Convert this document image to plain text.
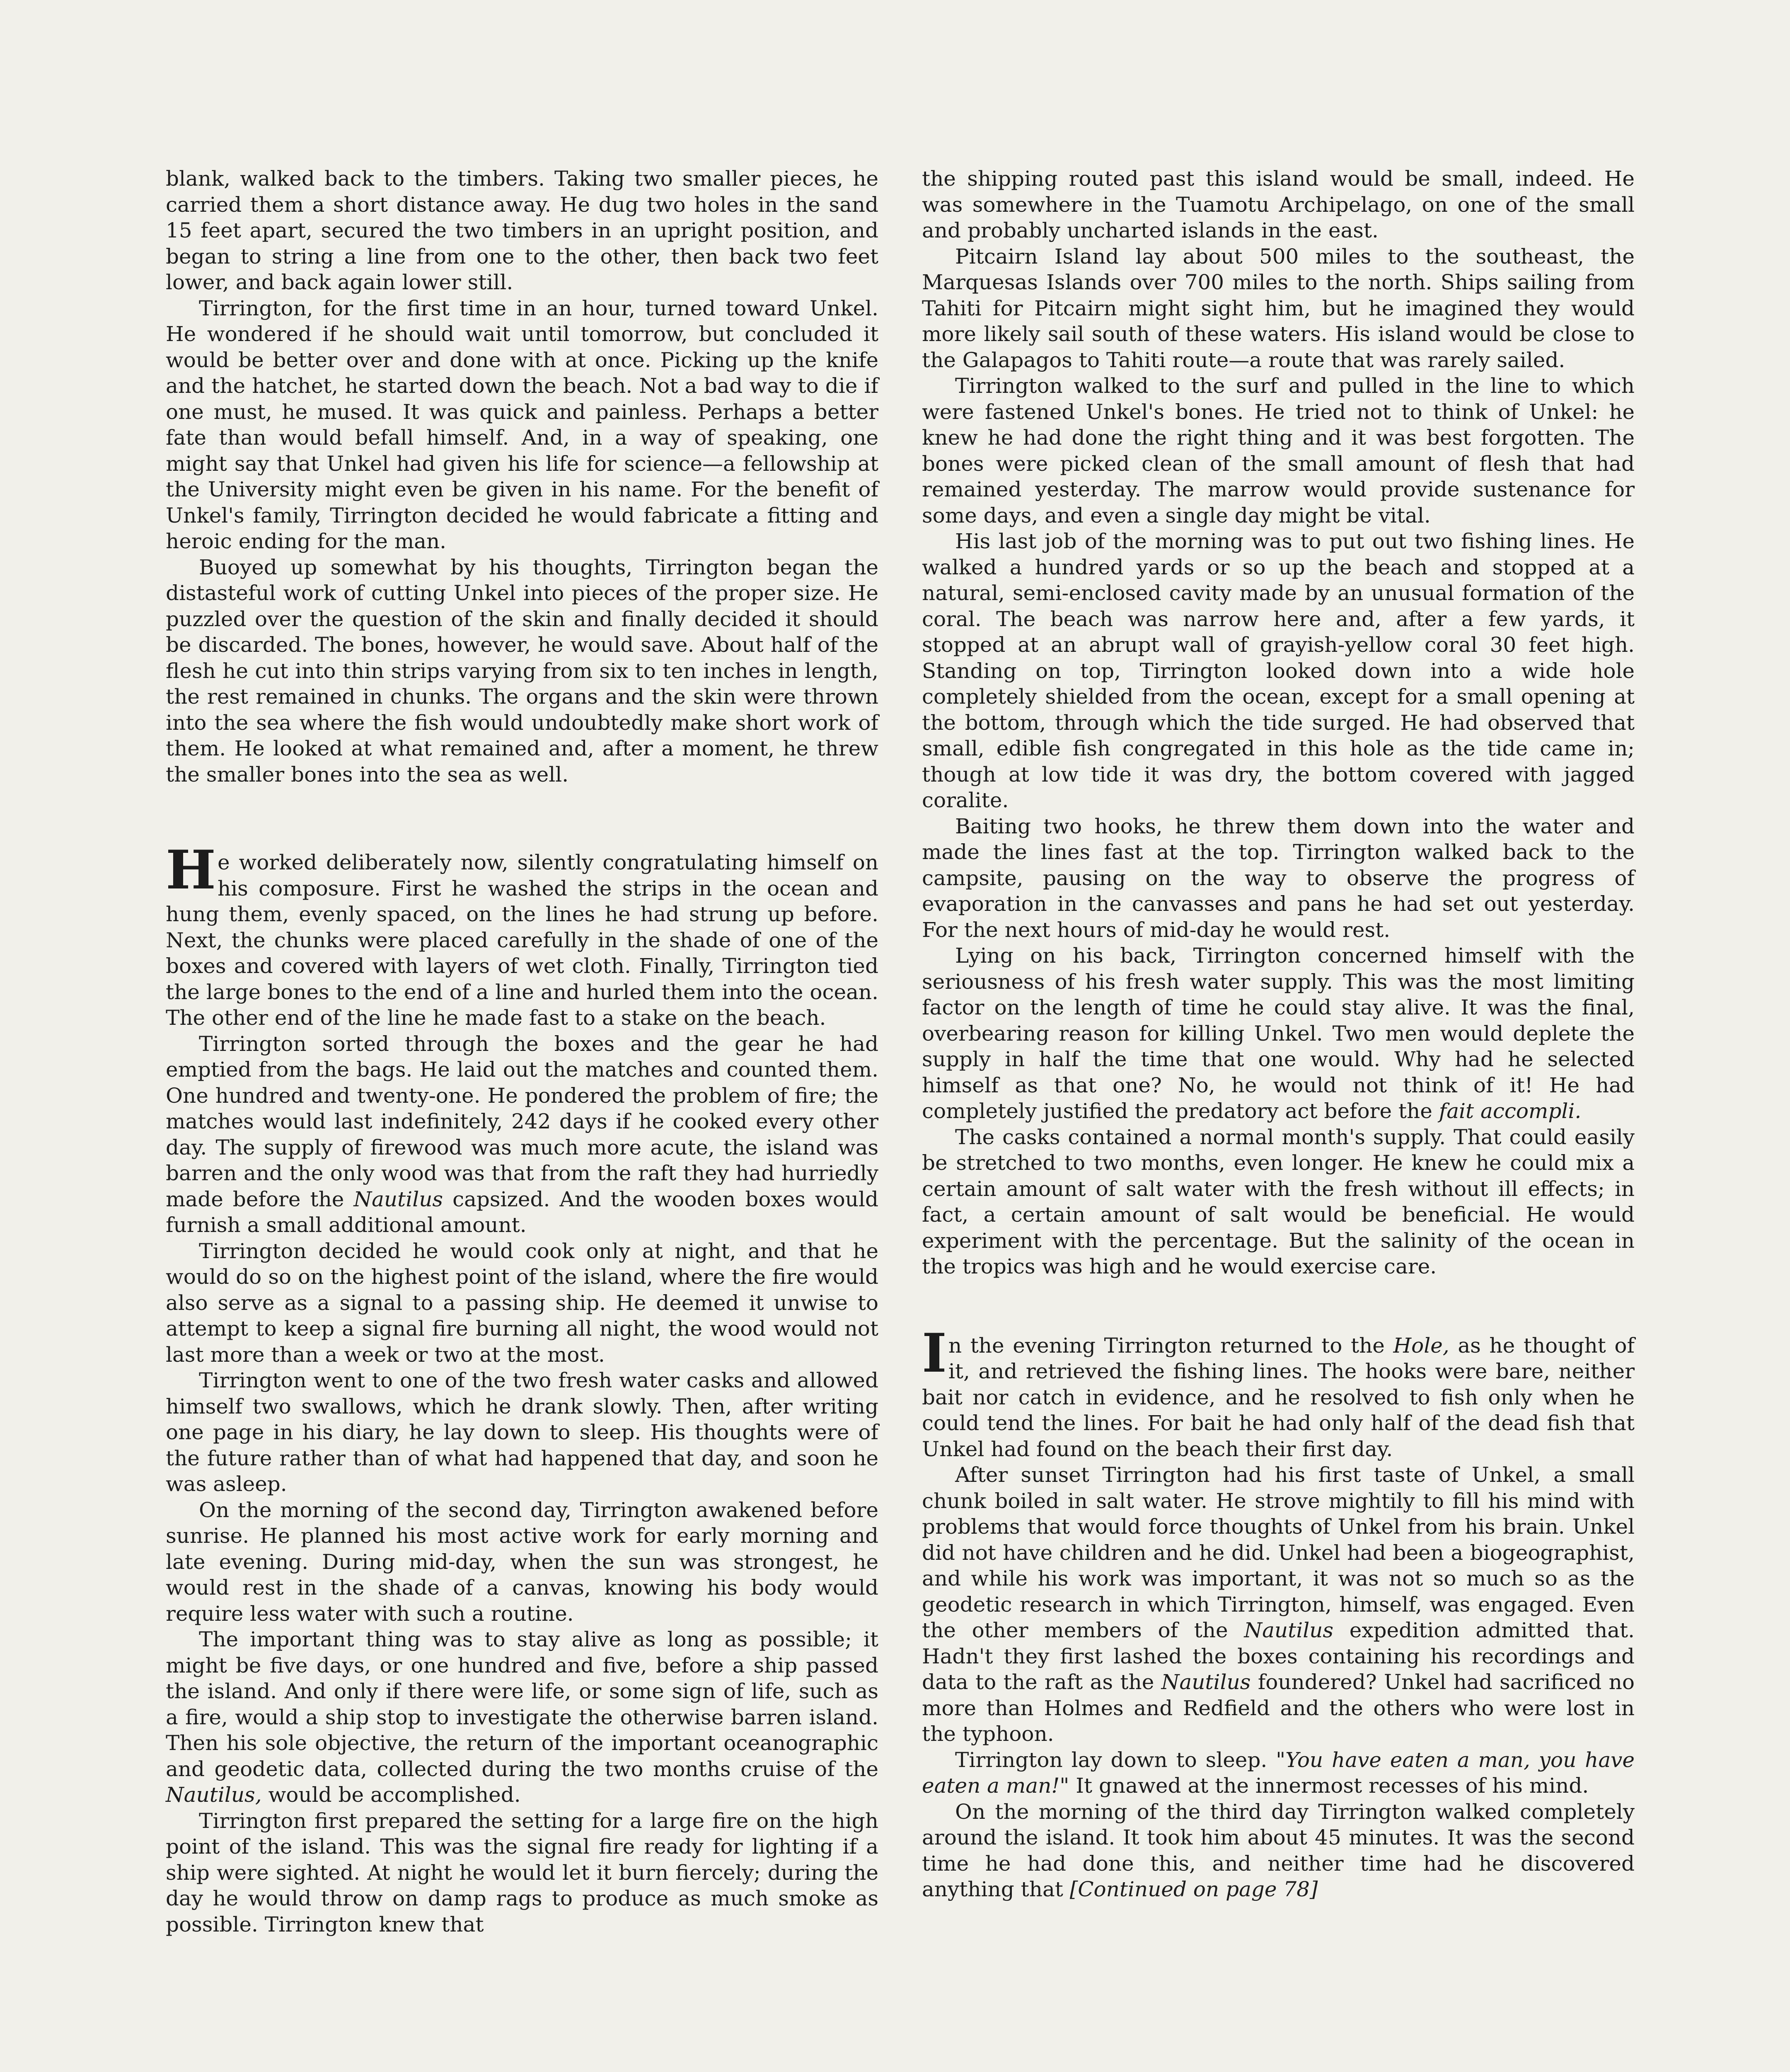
blank, walked back to the timbers. Taking two smaller pieces, he carried them a short distance away. He dug two holes in the sand 15 feet apart, secured the two timbers in an upright position, and began to string a line from one to the other, then back two feet lower, and back again lower still.

Tirrington, for the first time in an hour, turned toward Unkel. He wondered if he should wait until tomorrow, but concluded it would be better over and done with at once. Picking up the knife and the hatchet, he started down the beach. Not a bad way to die if one must, he mused. It was quick and painless. Perhaps a better fate than would befall himself. And, in a way of speaking, one might say that Unkel had given his life for science—a fellowship at the University might even be given in his name. For the benefit of Unkel's family, Tirrington decided he would fabricate a fitting and heroic ending for the man.

Buoyed up somewhat by his thoughts, Tirrington began the distasteful work of cutting Unkel into pieces of the proper size. He puzzled over the question of the skin and finally decided it should be discarded. The bones, however, he would save. About half of the flesh he cut into thin strips varying from six to ten inches in length, the rest remained in chunks. The organs and the skin were thrown into the sea where the fish would undoubtedly make short work of them. He looked at what remained and, after a moment, he threw the smaller bones into the sea as well.

He worked deliberately now, silently congratulating himself on his composure. First he washed the strips in the ocean and hung them, evenly spaced, on the lines he had strung up before. Next, the chunks were placed carefully in the shade of one of the boxes and covered with layers of wet cloth. Finally, Tirrington tied the large bones to the end of a line and hurled them into the ocean. The other end of the line he made fast to a stake on the beach.

Tirrington sorted through the boxes and the gear he had emptied from the bags. He laid out the matches and counted them. One hundred and twenty-one. He pondered the problem of fire; the matches would last indefinitely, 242 days if he cooked every other day. The supply of firewood was much more acute, the island was barren and the only wood was that from the raft they had hurriedly made before the Nautilus capsized. And the wooden boxes would furnish a small additional amount.

Tirrington decided he would cook only at night, and that he would do so on the highest point of the island, where the fire would also serve as a signal to a passing ship. He deemed it unwise to attempt to keep a signal fire burning all night, the wood would not last more than a week or two at the most.

Tirrington went to one of the two fresh water casks and allowed himself two swallows, which he drank slowly. Then, after writing one page in his diary, he lay down to sleep. His thoughts were of the future rather than of what had happened that day, and soon he was asleep.

On the morning of the second day, Tirrington awakened before sunrise. He planned his most active work for early morning and late evening. During mid-day, when the sun was strongest, he would rest in the shade of a canvas, knowing his body would require less water with such a routine.

The important thing was to stay alive as long as possible; it might be five days, or one hundred and five, before a ship passed the island. And only if there were life, or some sign of life, such as a fire, would a ship stop to investigate the otherwise barren island. Then his sole objective, the return of the important oceanographic and geodetic data, collected during the two months cruise of the Nautilus, would be accomplished.

Tirrington first prepared the setting for a large fire on the high point of the island. This was the signal fire ready for lighting if a ship were sighted. At night he would let it burn fiercely; during the day he would throw on damp rags to produce as much smoke as possible. Tirrington knew that

the shipping routed past this island would be small, indeed. He was somewhere in the Tuamotu Archipelago, on one of the small and probably uncharted islands in the east.

Pitcairn Island lay about 500 miles to the southeast, the Marquesas Islands over 700 miles to the north. Ships sailing from Tahiti for Pitcairn might sight him, but he imagined they would more likely sail south of these waters. His island would be close to the Galapagos to Tahiti route—a route that was rarely sailed.

Tirrington walked to the surf and pulled in the line to which were fastened Unkel's bones. He tried not to think of Unkel: he knew he had done the right thing and it was best forgotten. The bones were picked clean of the small amount of flesh that had remained yesterday. The marrow would provide sustenance for some days, and even a single day might be vital.

His last job of the morning was to put out two fishing lines. He walked a hundred yards or so up the beach and stopped at a natural, semi-enclosed cavity made by an unusual formation of the coral. The beach was narrow here and, after a few yards, it stopped at an abrupt wall of grayish-yellow coral 30 feet high. Standing on top, Tirrington looked down into a wide hole completely shielded from the ocean, except for a small opening at the bottom, through which the tide surged. He had observed that small, edible fish congregated in this hole as the tide came in; though at low tide it was dry, the bottom covered with jagged coralite.

Baiting two hooks, he threw them down into the water and made the lines fast at the top. Tirrington walked back to the campsite, pausing on the way to observe the progress of evaporation in the canvasses and pans he had set out yesterday. For the next hours of mid-day he would rest.

Lying on his back, Tirrington concerned himself with the seriousness of his fresh water supply. This was the most limiting factor on the length of time he could stay alive. It was the final, overbearing reason for killing Unkel. Two men would deplete the supply in half the time that one would. Why had he selected himself as that one? No, he would not think of it! He had completely justified the predatory act before the fait accompli.

The casks contained a normal month's supply. That could easily be stretched to two months, even longer. He knew he could mix a certain amount of salt water with the fresh without ill effects; in fact, a certain amount of salt would be beneficial. He would experiment with the percentage. But the salinity of the ocean in the tropics was high and he would exercise care.

In the evening Tirrington returned to the Hole, as he thought of it, and retrieved the fishing lines. The hooks were bare, neither bait nor catch in evidence, and he resolved to fish only when he could tend the lines. For bait he had only half of the dead fish that Unkel had found on the beach their first day.

After sunset Tirrington had his first taste of Unkel, a small chunk boiled in salt water. He strove mightily to fill his mind with problems that would force thoughts of Unkel from his brain. Unkel did not have children and he did. Unkel had been a biogeographist, and while his work was important, it was not so much so as the geodetic research in which Tirrington, himself, was engaged. Even the other members of the Nautilus expedition admitted that. Hadn't they first lashed the boxes containing his recordings and data to the raft as the Nautilus foundered? Unkel had sacrificed no more than Holmes and Redfield and the others who were lost in the typhoon.

Tirrington lay down to sleep. "You have eaten a man, you have eaten a man!" It gnawed at the innermost recesses of his mind.

On the morning of the third day Tirrington walked completely around the island. It took him about 45 minutes. It was the second time he had done this, and neither time had he discovered anything that [Continued on page 78]
